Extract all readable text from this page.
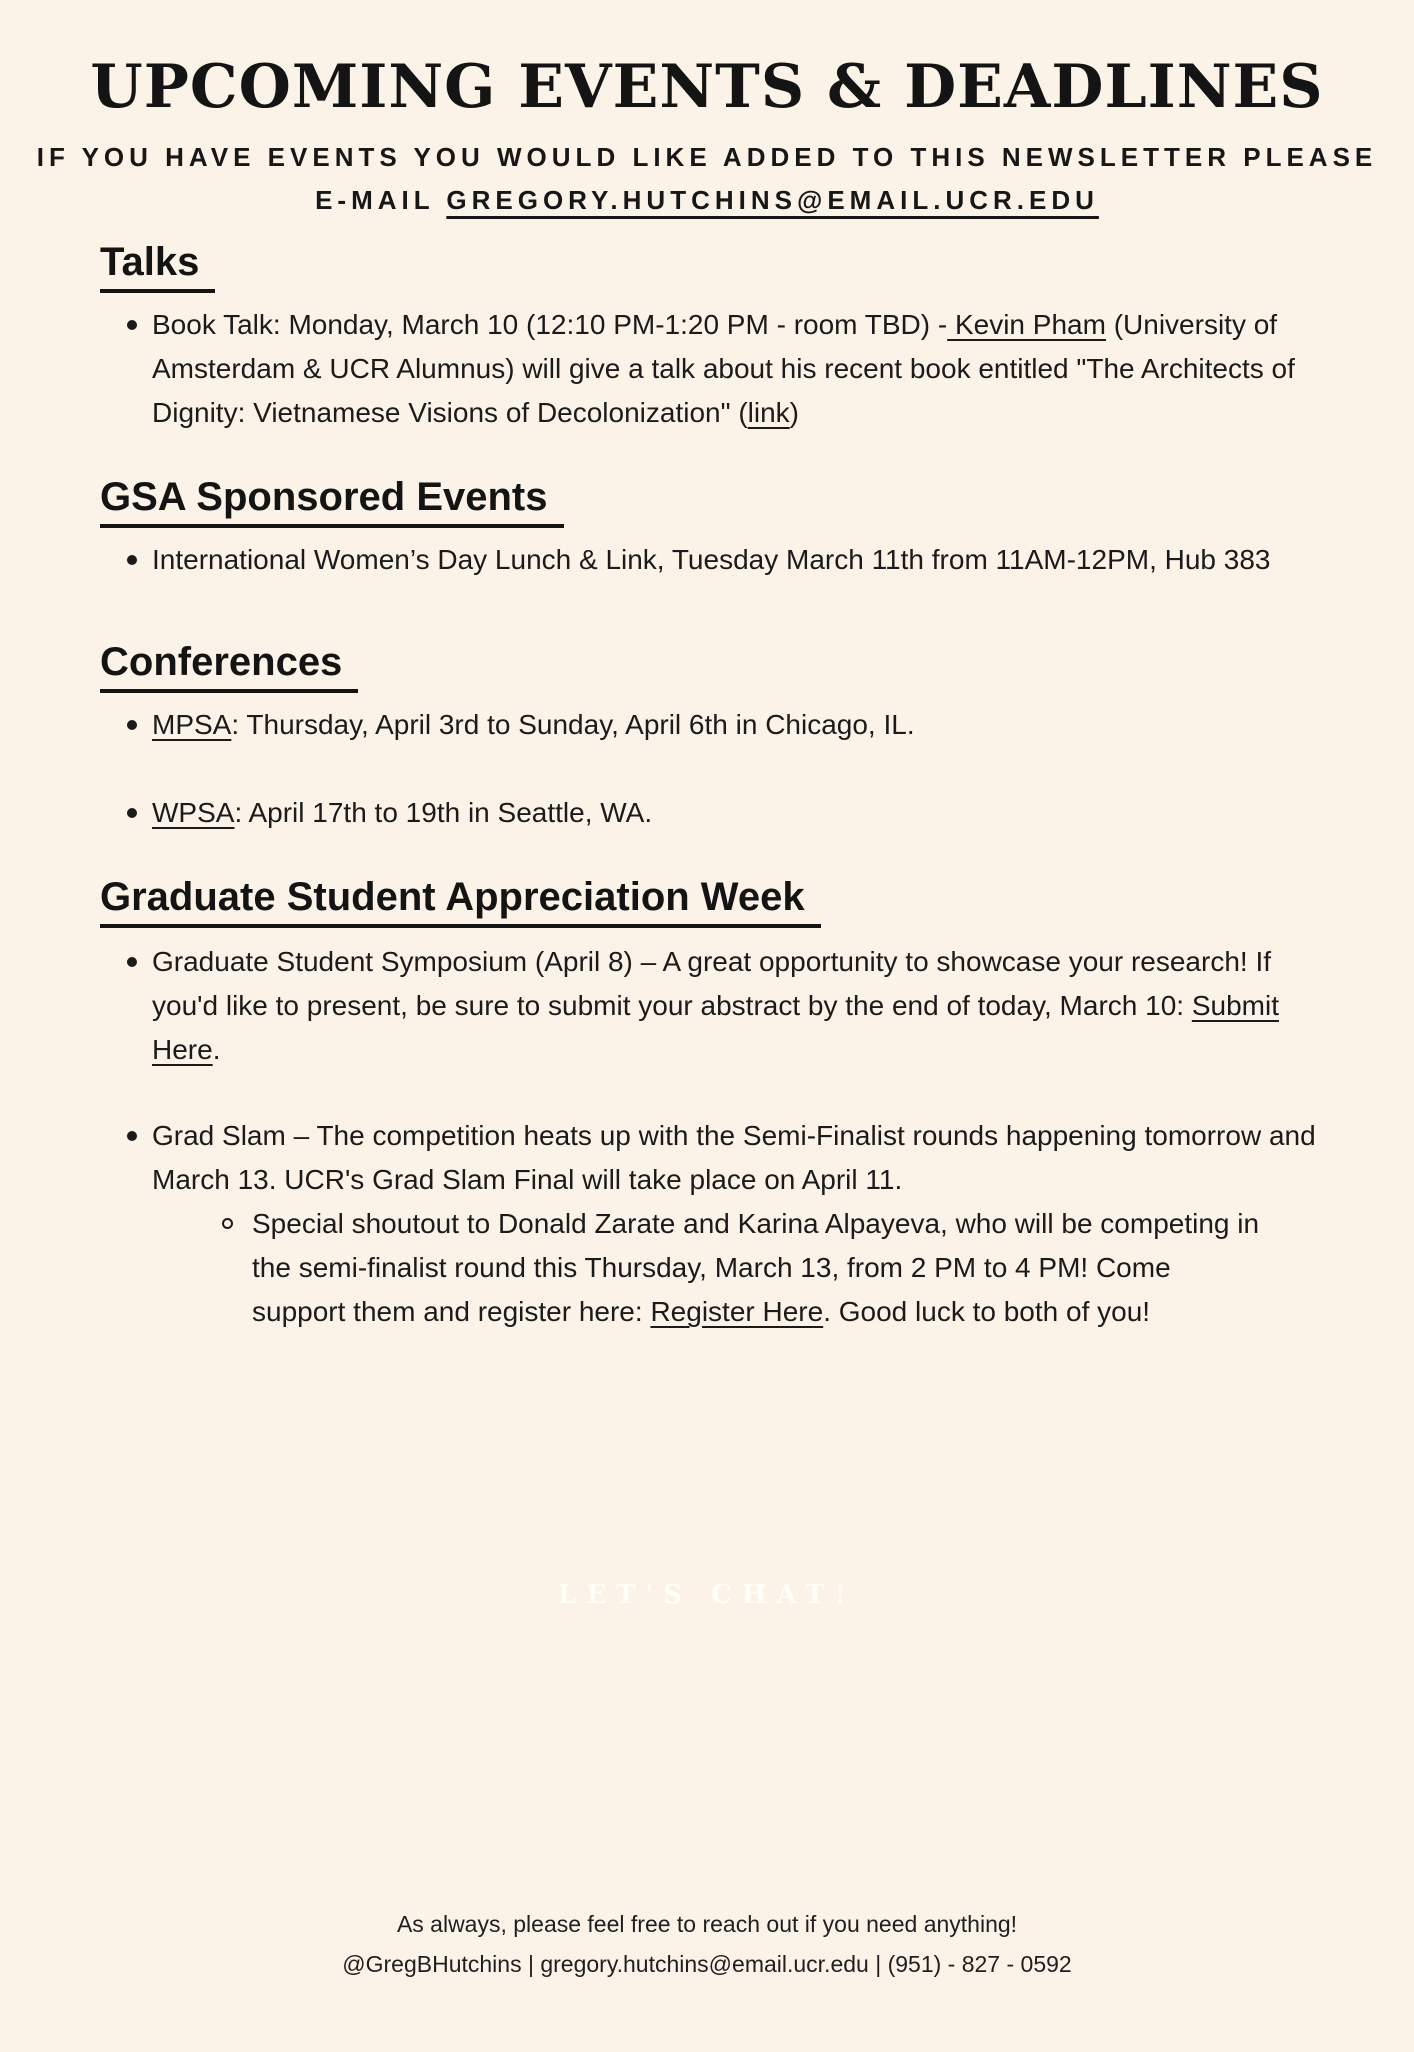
UPCOMING EVENTS & DEADLINES
IF YOU HAVE EVENTS YOU WOULD LIKE ADDED TO THIS NEWSLETTER PLEASE
E-MAIL GREGORY.HUTCHINS@EMAIL.UCR.EDU
Talks
Book Talk: Monday, March 10 (12:10 PM-1:20 PM - room TBD) - Kevin Pham (University of Amsterdam & UCR Alumnus) will give a talk about his recent book entitled "The Architects of Dignity: Vietnamese Visions of Decolonization" (link)
GSA Sponsored Events
International Women’s Day Lunch & Link, Tuesday March 11th from 11AM-12PM, Hub 383
Conferences
MPSA: Thursday, April 3rd to Sunday, April 6th in Chicago, IL.
WPSA: April 17th to 19th in Seattle, WA.
Graduate Student Appreciation Week
Graduate Student Symposium (April 8) – A great opportunity to showcase your research! If you'd like to present, be sure to submit your abstract by the end of today, March 10: Submit Here.
Grad Slam – The competition heats up with the Semi-Finalist rounds happening tomorrow and March 13. UCR's Grad Slam Final will take place on April 11.
Special shoutout to Donald Zarate and Karina Alpayeva, who will be competing in the semi-finalist round this Thursday, March 13, from 2 PM to 4 PM! Come support them and register here: Register Here. Good luck to both of you!
LET'S CHAT!
As always, please feel free to reach out if you need anything!
@GregBHutchins | gregory.hutchins@email.ucr.edu | (951) - 827 - 0592
